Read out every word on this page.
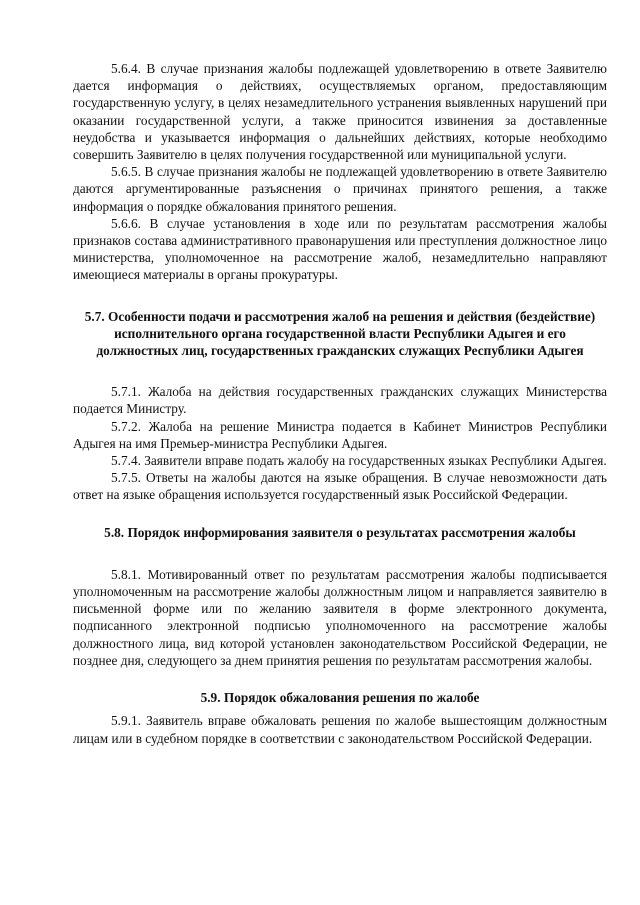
5.6.4. В случае признания жалобы подлежащей удовлетворению в ответе Заявителю дается информация о действиях, осуществляемых органом, предоставляющим государственную услугу, в целях незамедлительного устранения выявленных нарушений при оказании государственной услуги, а также приносится извинения за доставленные неудобства и указывается информация о дальнейших действиях, которые необходимо совершить Заявителю в целях получения государственной или муниципальной услуги.

5.6.5. В случае признания жалобы не подлежащей удовлетворению в ответе Заявителю даются аргументированные разъяснения о причинах принятого решения, а также информация о порядке обжалования принятого решения.

5.6.6. В случае установления в ходе или по результатам рассмотрения жалобы признаков состава административного правонарушения или преступления должностное лицо министерства, уполномоченное на рассмотрение жалоб, незамедлительно направляют имеющиеся материалы в органы прокуратуры.

5.7. Особенности подачи и рассмотрения жалоб на решения и действия (бездействие) исполнительного органа государственной власти Республики Адыгея и его должностных лиц, государственных гражданских служащих Республики Адыгея

5.7.1. Жалоба на действия государственных гражданских служащих Министерства подается Министру.

5.7.2. Жалоба на решение Министра подается в Кабинет Министров Республики Адыгея на имя Премьер-министра Республики Адыгея.

5.7.4. Заявители вправе подать жалобу на государственных языках Республики Адыгея.

5.7.5. Ответы на жалобы даются на языке обращения. В случае невозможности дать ответ на языке обращения используется государственный язык Российской Федерации.

5.8. Порядок информирования заявителя о результатах рассмотрения жалобы

5.8.1. Мотивированный ответ по результатам рассмотрения жалобы подписывается уполномоченным на рассмотрение жалобы должностным лицом и направляется заявителю в письменной форме или по желанию заявителя в форме электронного документа, подписанного электронной подписью уполномоченного на рассмотрение жалобы должностного лица, вид которой установлен законодательством Российской Федерации, не позднее дня, следующего за днем принятия решения по результатам рассмотрения жалобы.

5.9. Порядок обжалования решения по жалобе

5.9.1. Заявитель вправе обжаловать решения по жалобе вышестоящим должностным лицам или в судебном порядке в соответствии с законодательством Российской Федерации.
